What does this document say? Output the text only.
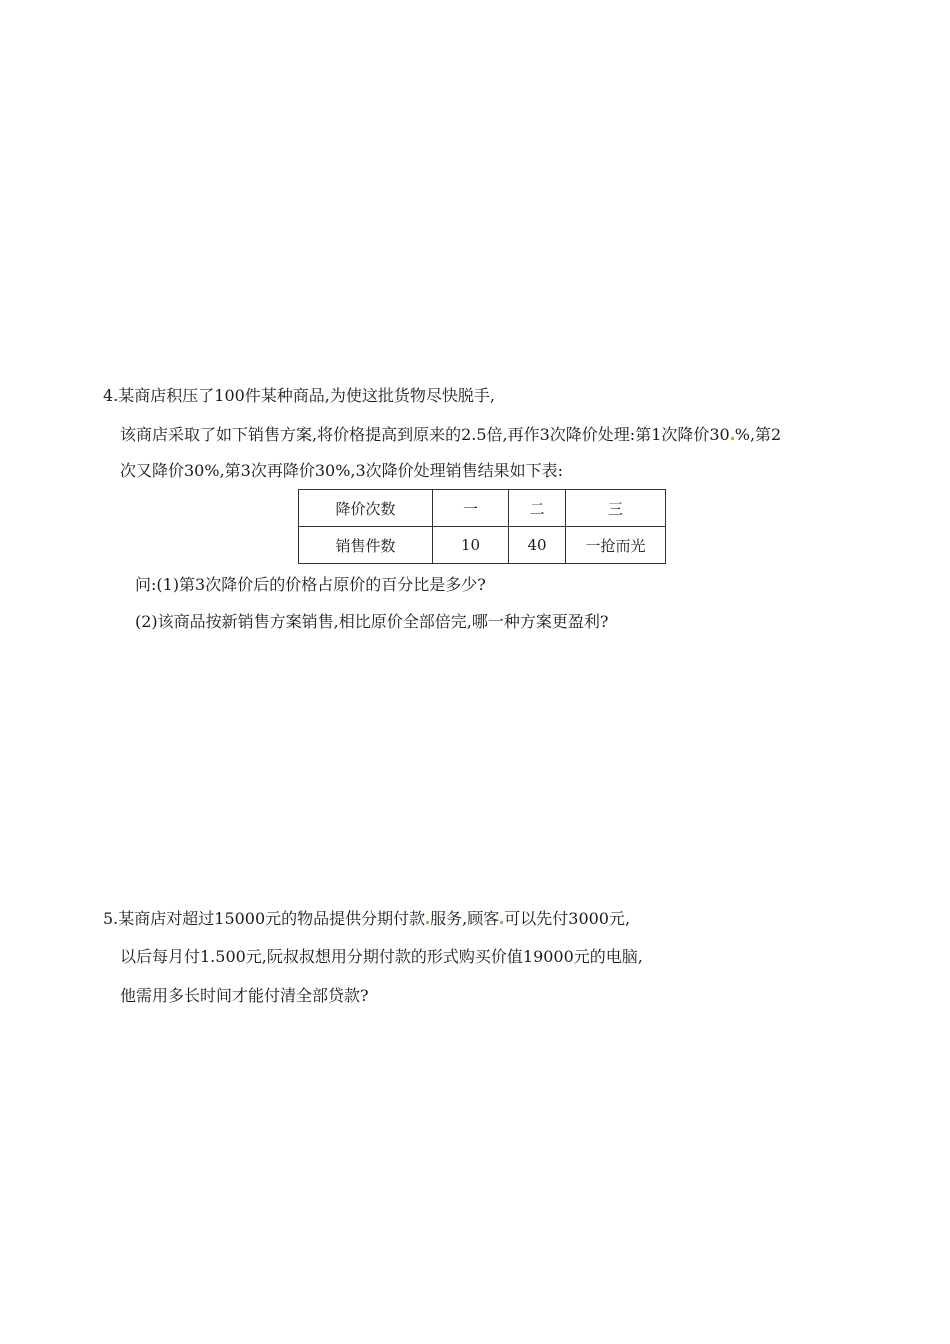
4.某商店积压了100件某种商品,为使这批货物尽快脱手,

该商店采取了如下销售方案,将价格提高到原来的2.5倍,再作3次降价处理:第1次降价30 %,第2

次又降价30%,第3次再降价30%,3次降价处理销售结果如下表:

降价次数	一	二	三
销售件数	10	40	一抢而光

问:(1)第3次降价后的价格占原价的百分比是多少?

(2)该商品按新销售方案销售,相比原价全部倍完,哪一种方案更盈利?

5.某商店对超过15000元的物品提供分期付款 服务,顾客 可以先付3000元,

以后每月付1.500元,阮叔叔想用分期付款的形式购买价值19000元的电脑,

他需用多长时间才能付清全部贷款?
